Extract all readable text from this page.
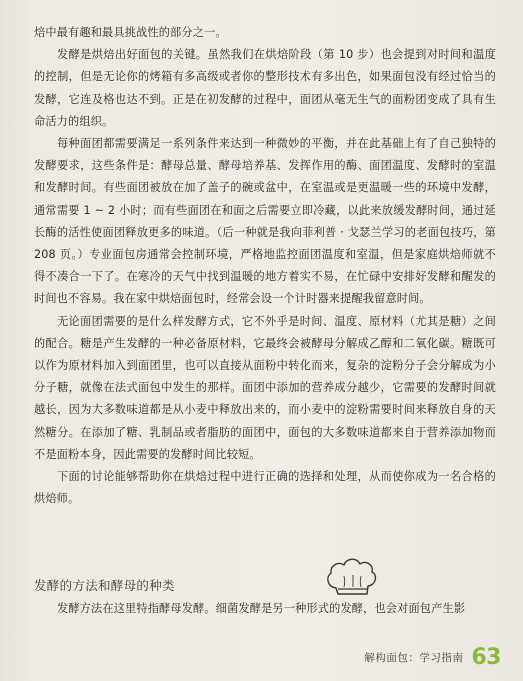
焙中最有趣和最具挑战性的部分之一。

发酵是烘焙出好面包的关键。虽然我们在烘焙阶段（第 10 步）也会提到对时间和温度的控制，但是无论你的烤箱有多高级或者你的整形技术有多出色，如果面包没有经过恰当的发酵，它连及格也达不到。正是在初发酵的过程中，面团从毫无生气的面粉团变成了具有生命活力的组织。

每种面团都需要满足一系列条件来达到一种微妙的平衡，并在此基础上有了自己独特的发酵要求，这些条件是：酵母总量、酵母培养基、发挥作用的酶、面团温度、发酵时的室温和发酵时间。有些面团被放在加了盖子的碗或盆中，在室温或是更温暖一些的环境中发酵，通常需要 1 ~ 2 小时；而有些面团在和面之后需要立即冷藏，以此来放缓发酵时间，通过延长酶的活性使面团释放更多的味道。（后一种就是我向菲利普 · 戈瑟兰学习的老面包技巧，第 208 页。）专业面包房通常会控制环境，严格地监控面团温度和室温，但是家庭烘焙师就不得不凑合一下了。在寒冷的天气中找到温暖的地方着实不易，在忙碌中安排好发酵和醒发的时间也不容易。我在家中烘焙面包时，经常会设一个计时器来提醒我留意时间。

无论面团需要的是什么样发酵方式，它不外乎是时间、温度、原材料（尤其是糖）之间的配合。糖是产生发酵的一种必备原材料，它最终会被酵母分解成乙醇和二氧化碳。糖既可以作为原材料加入到面团里，也可以直接从面粉中转化而来，复杂的淀粉分子会分解成为小分子糖，就像在法式面包中发生的那样。面团中添加的营养成分越少，它需要的发酵时间就越长，因为大多数味道都是从小麦中释放出来的，而小麦中的淀粉需要时间来释放自身的天然糖分。在添加了糖、乳制品或者脂肪的面团中，面包的大多数味道都来自于营养添加物而不是面粉本身，因此需要的发酵时间比较短。

下面的讨论能够帮助你在烘焙过程中进行正确的选择和处理，从而使你成为一名合格的烘焙师。

发酵的方法和酵母的种类
发酵方法在这里特指酵母发酵。细菌发酵是另一种形式的发酵，也会对面包产生影
解构面包：学习指南 63
